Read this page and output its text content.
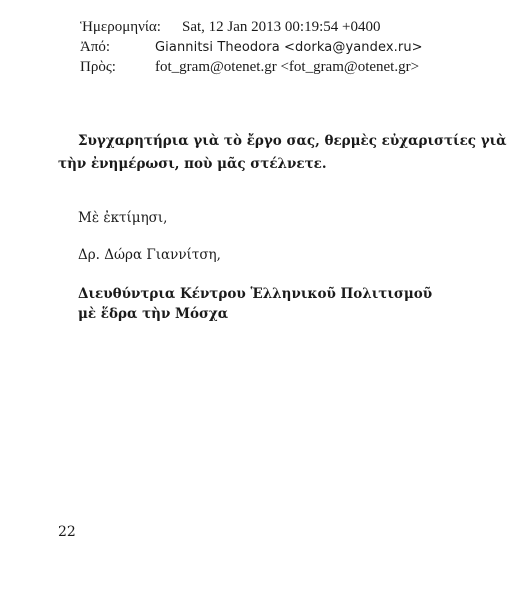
Ἡμερομηνία: Sat, 12 Jan 2013 00:19:54 +0400
Ἀπό:	Giannitsi Theodora <dorka@yandex.ru>
Πρὸς:	fot_gram@otenet.gr <fot_gram@otenet.gr>
Συγχαρητήρια γιὰ τὸ ἔργο σας, θερμὲς εὐχαριστίες γιὰ
τὴν ἐνημέρωσι, ποὺ μᾶς στέλνετε.
Μὲ ἐκτίμησι,
Δρ. Δώρα Γιαννίτση,
Διευθύντρια Κέντρου Ἑλληνικοῦ Πολιτισμοῦ
μὲ ἕδρα τὴν Μόσχα
22
